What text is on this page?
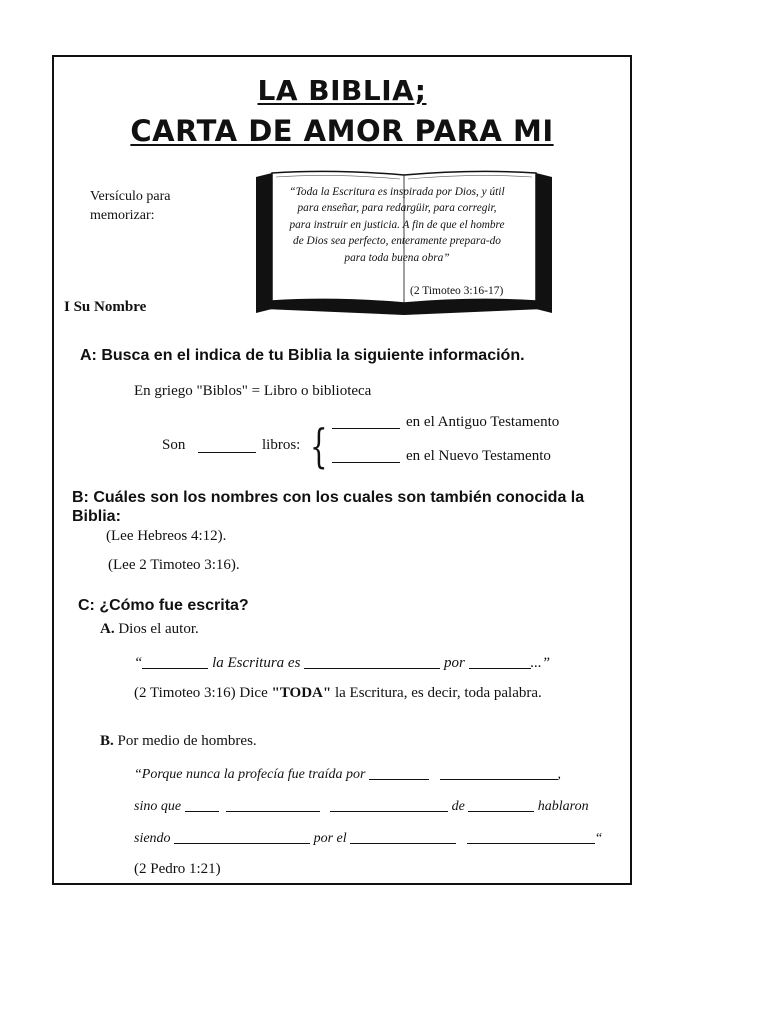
LA BIBLIA;
CARTA DE AMOR PARA MI
Versículo para memorizar:
“Toda la Escritura es inspirada por Dios, y útil para enseñar, para redargüir, para corregir, para instruir en justicia. A fin de que el hombre de Dios sea perfecto, enteramente prepara-do para toda buena obra”
(2 Timoteo 3:16-17)
I Su Nombre
A: Busca en el indica de tu Biblia la siguiente información.
En griego "Biblos" = Libro o biblioteca
Son	libros: {	en el Antiguo Testamento
en el Nuevo Testamento
B: Cuáles son los nombres con los cuales son también conocida la Biblia:
(Lee Hebreos 4:12).
(Lee 2 Timoteo 3:16).
C: ¿Cómo fue escrita?
A. Dios el autor.
“	la Escritura es	por	...”
(2 Timoteo 3:16) Dice "TODA" la Escritura, es decir, toda palabra.
B. Por medio de hombres.
“Porque nunca la profecía fue traída por	,
sino que	de	hablaron
siendo	por el	“
(2 Pedro 1:21)
